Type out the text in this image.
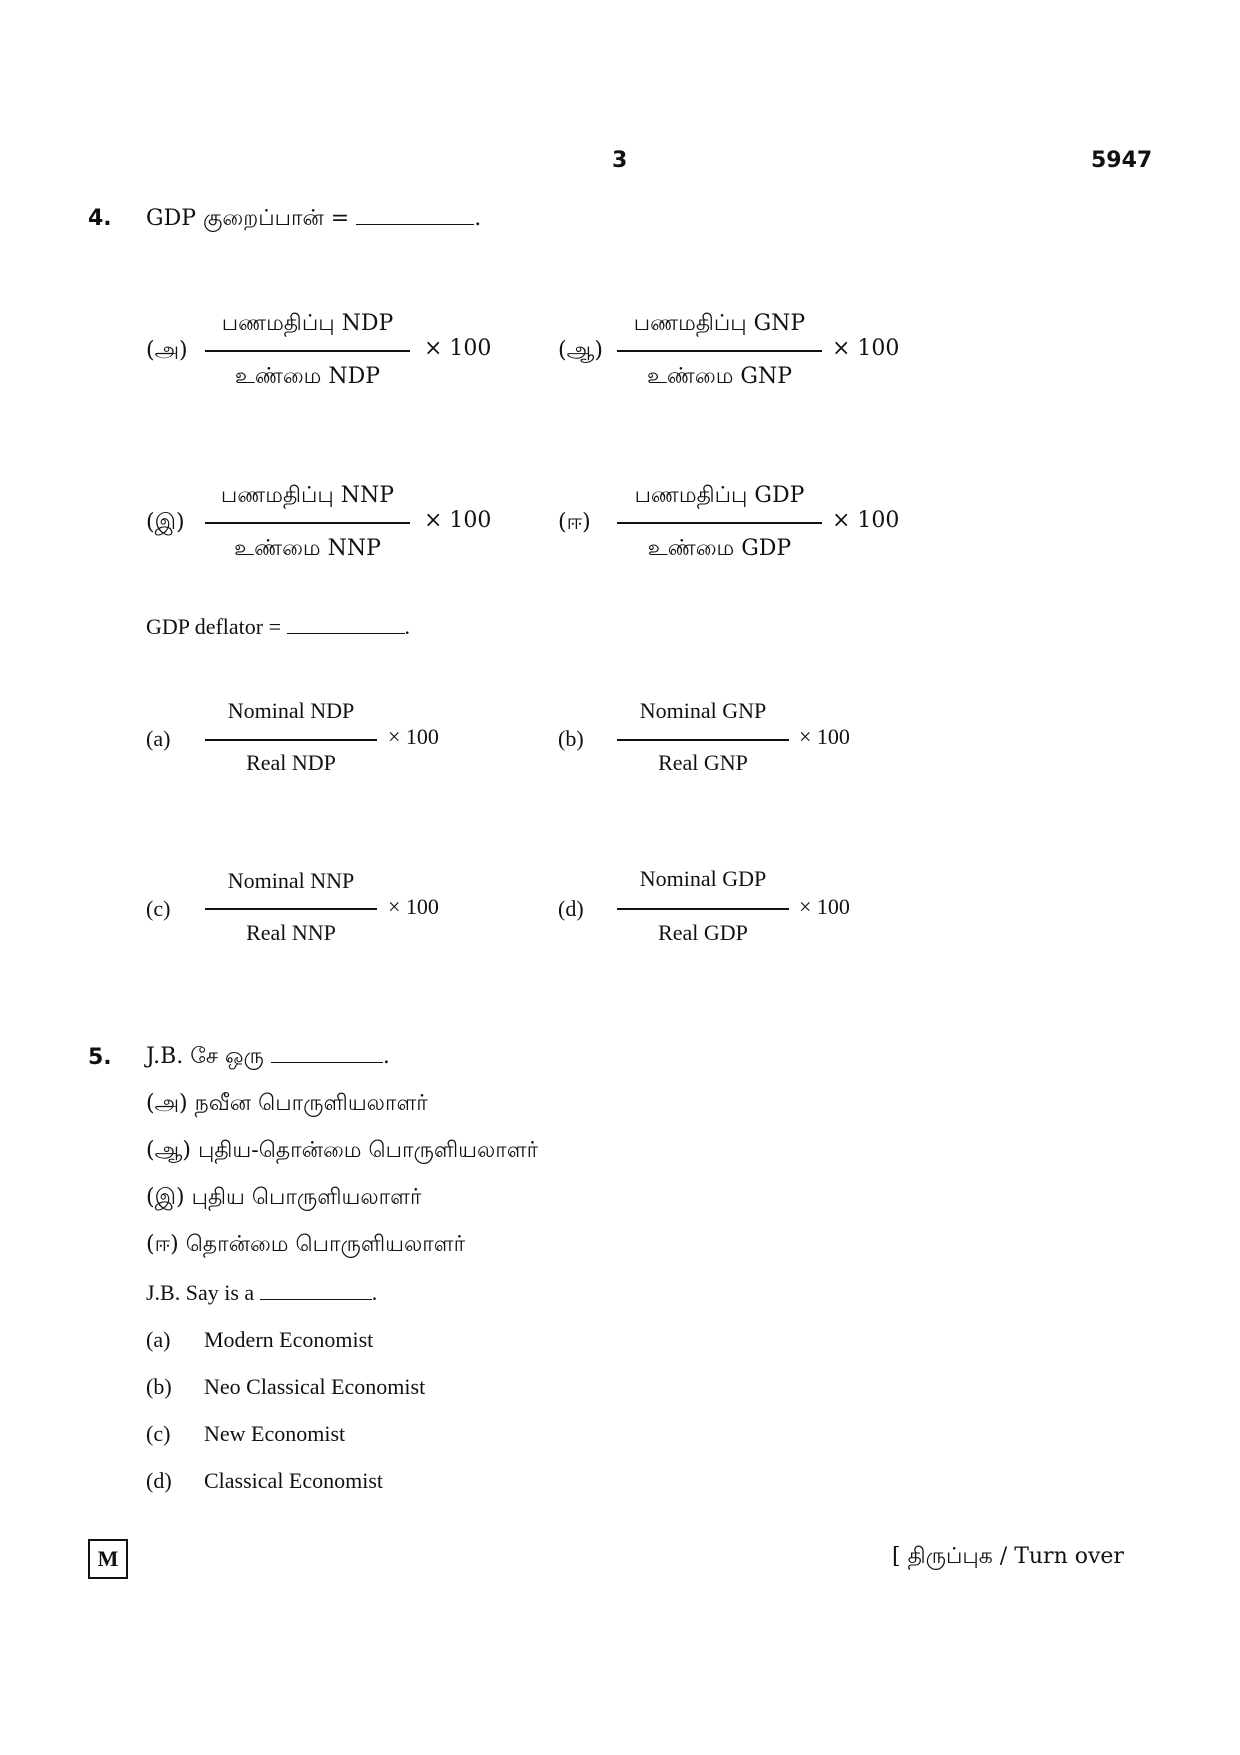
3	5947
4. GDP குறைப்பான் =	.
(அ)
பணமதிப்பு NDP
உண்மை NDP
× 100	(ஆ)
பணமதிப்பு GNP
உண்மை GNP
× 100
(இ)
பணமதிப்பு NNP
உண்மை NNP
× 100	(ஈ)
பணமதிப்பு GDP
உண்மை GDP
× 100
GDP deflator =	.
(a)
Nominal NDP
Real NDP
× 100	(b)
Nominal GNP
Real GNP
× 100
(c)
Nominal NNP
Real NNP
× 100	(d)
Nominal GDP
Real GDP
× 100
5. J.B. சே ஒரு	.
(அ) நவீன பொருளியலாளர்
(ஆ) புதிய-தொன்மை பொருளியலாளர்
(இ) புதிய பொருளியலாளர்
(ஈ) தொன்மை பொருளியலாளர்
J.B. Say is a	.
(a) Modern Economist
(b) Neo Classical Economist
(c) New Economist
(d) Classical Economist
M	[ திருப்புக / Turn over
